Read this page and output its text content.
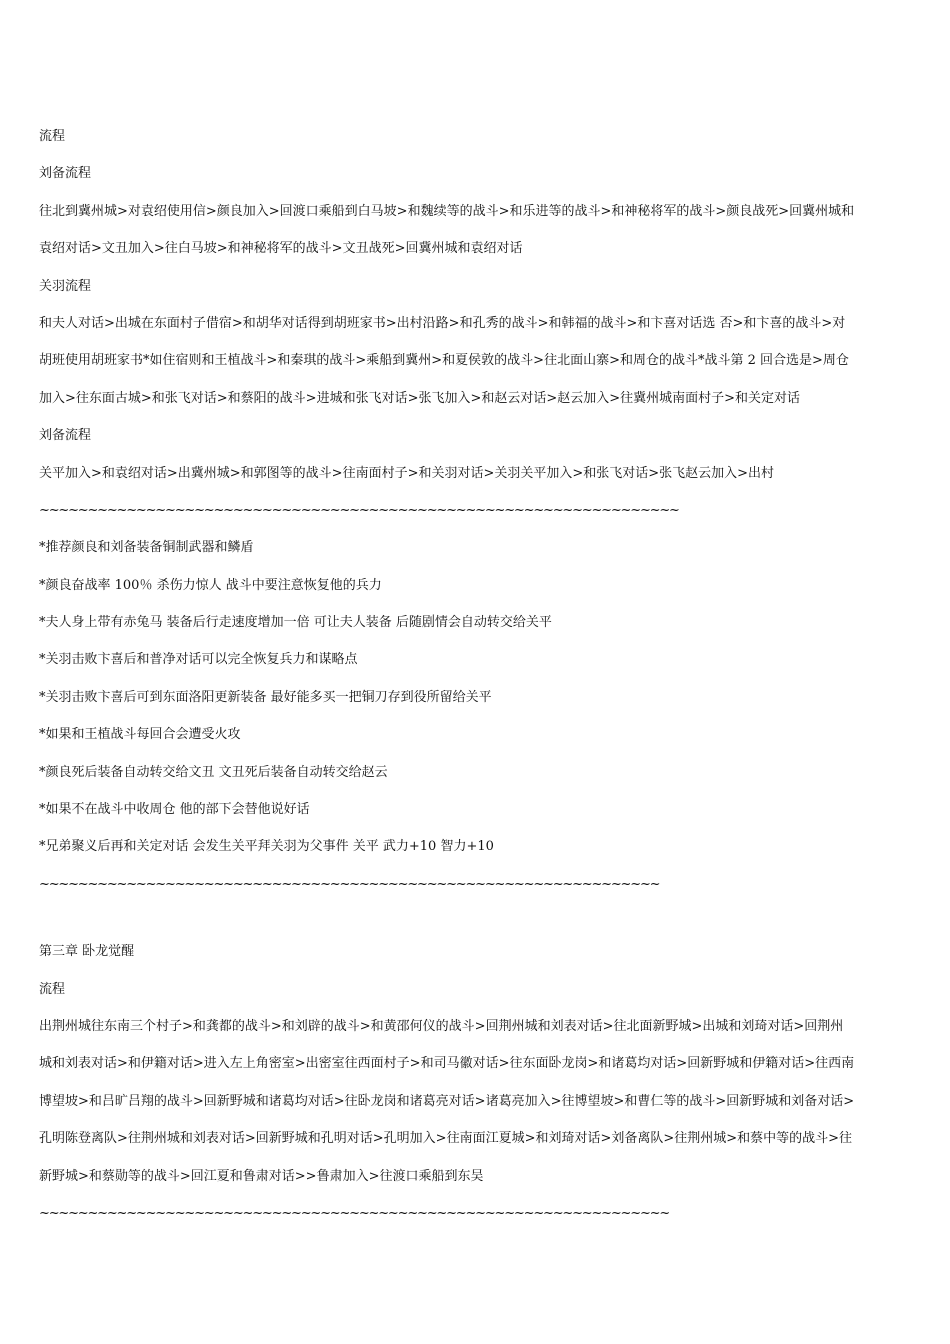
流程
刘备流程
往北到冀州城>对袁绍使用信>颜良加入>回渡口乘船到白马坡>和魏续等的战斗>和乐进等的战斗>和神秘将军的战斗>颜良战死>回冀州城和
袁绍对话>文丑加入>往白马坡>和神秘将军的战斗>文丑战死>回冀州城和袁绍对话
关羽流程
和夫人对话>出城在东面村子借宿>和胡华对话得到胡班家书>出村沿路>和孔秀的战斗>和韩福的战斗>和卞喜对话选 否>和卞喜的战斗>对
胡班使用胡班家书*如住宿则和王植战斗>和秦琪的战斗>乘船到冀州>和夏侯敦的战斗>往北面山寨>和周仓的战斗*战斗第 2 回合选是>周仓
加入>往东面古城>和张飞对话>和蔡阳的战斗>进城和张飞对话>张飞加入>和赵云对话>赵云加入>往冀州城南面村子>和关定对话
刘备流程
关平加入>和袁绍对话>出冀州城>和郭图等的战斗>往南面村子>和关羽对话>关羽关平加入>和张飞对话>张飞赵云加入>出村
~~~~~~~~~~~~~~~~~~~~~~~~~~~~~~~~~~~~~~~~~~~~~~~~~~~~~~~~~~~~~~~~~~
*推荐颜良和刘备装备铜制武器和鳞盾
*颜良奋战率 100％ 杀伤力惊人 战斗中要注意恢复他的兵力
*夫人身上带有赤兔马 装备后行走速度增加一倍 可让夫人装备 后随剧情会自动转交给关平
*关羽击败卞喜后和普净对话可以完全恢复兵力和谋略点
*关羽击败卞喜后可到东面洛阳更新装备 最好能多买一把铜刀存到役所留给关平
*如果和王植战斗每回合会遭受火攻
*颜良死后装备自动转交给文丑 文丑死后装备自动转交给赵云
*如果不在战斗中收周仓 他的部下会替他说好话
*兄弟聚义后再和关定对话 会发生关平拜关羽为父事件 关平 武力+10 智力+10
~~~~~~~~~~~~~~~~~~~~~~~~~~~~~~~~~~~~~~~~~~~~~~~~~~~~~~~~~~~~~~~~
第三章 卧龙觉醒
流程
出荆州城往东南三个村子>和龚都的战斗>和刘辟的战斗>和黄邵何仪的战斗>回荆州城和刘表对话>往北面新野城>出城和刘琦对话>回荆州
城和刘表对话>和伊籍对话>进入左上角密室>出密室往西面村子>和司马徽对话>往东面卧龙岗>和诸葛均对话>回新野城和伊籍对话>往西南
博望坡>和吕旷吕翔的战斗>回新野城和诸葛均对话>往卧龙岗和诸葛亮对话>诸葛亮加入>往博望坡>和曹仁等的战斗>回新野城和刘备对话>
孔明陈登离队>往荆州城和刘表对话>回新野城和孔明对话>孔明加入>往南面江夏城>和刘琦对话>刘备离队>往荆州城>和蔡中等的战斗>往
新野城>和蔡勋等的战斗>回江夏和鲁肃对话>>鲁肃加入>往渡口乘船到东吴
~~~~~~~~~~~~~~~~~~~~~~~~~~~~~~~~~~~~~~~~~~~~~~~~~~~~~~~~~~~~~~~~~
